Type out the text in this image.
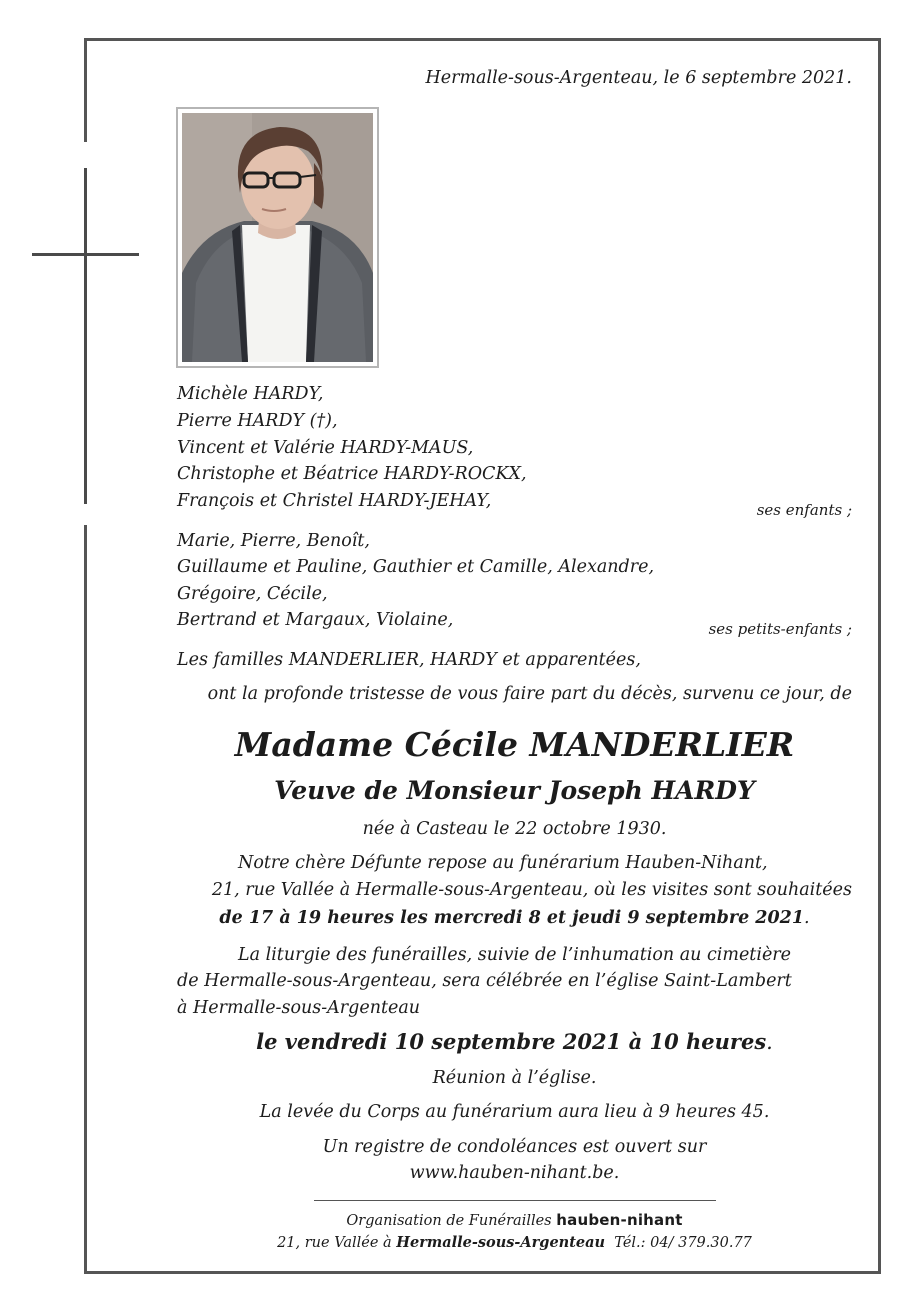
Hermalle-sous-Argenteau, le 6 septembre 2021.
Michèle HARDY,
Pierre HARDY (†),
Vincent et Valérie HARDY-MAUS,
Christophe et Béatrice HARDY-ROCKX,
François et Christel HARDY-JEHAY,	ses enfants ;
Marie, Pierre, Benoît,
Guillaume et Pauline, Gauthier et Camille, Alexandre,
Grégoire, Cécile,
Bertrand et Margaux, Violaine,	ses petits-enfants ;
Les familles MANDERLIER, HARDY et apparentées,
ont la profonde tristesse de vous faire part du décès, survenu ce jour, de
Madame Cécile MANDERLIER
Veuve de Monsieur Joseph HARDY
née à Casteau le 22 octobre 1930.
Notre chère Défunte repose au funérarium Hauben-Nihant,
21, rue Vallée à Hermalle-sous-Argenteau, où les visites sont souhaitées
de 17 à 19 heures les mercredi 8 et jeudi 9 septembre 2021.
La liturgie des funérailles, suivie de l’inhumation au cimetière
de Hermalle-sous-Argenteau, sera célébrée en l’église Saint-Lambert
à Hermalle-sous-Argenteau
le vendredi 10 septembre 2021 à 10 heures.
Réunion à l’église.
La levée du Corps au funérarium aura lieu à 9 heures 45.
Un registre de condoléances est ouvert sur
www.hauben-nihant.be.
Organisation de Funérailles hauben-nihant
21, rue Vallée à Hermalle-sous-Argenteau Tél.: 04/ 379.30.77
